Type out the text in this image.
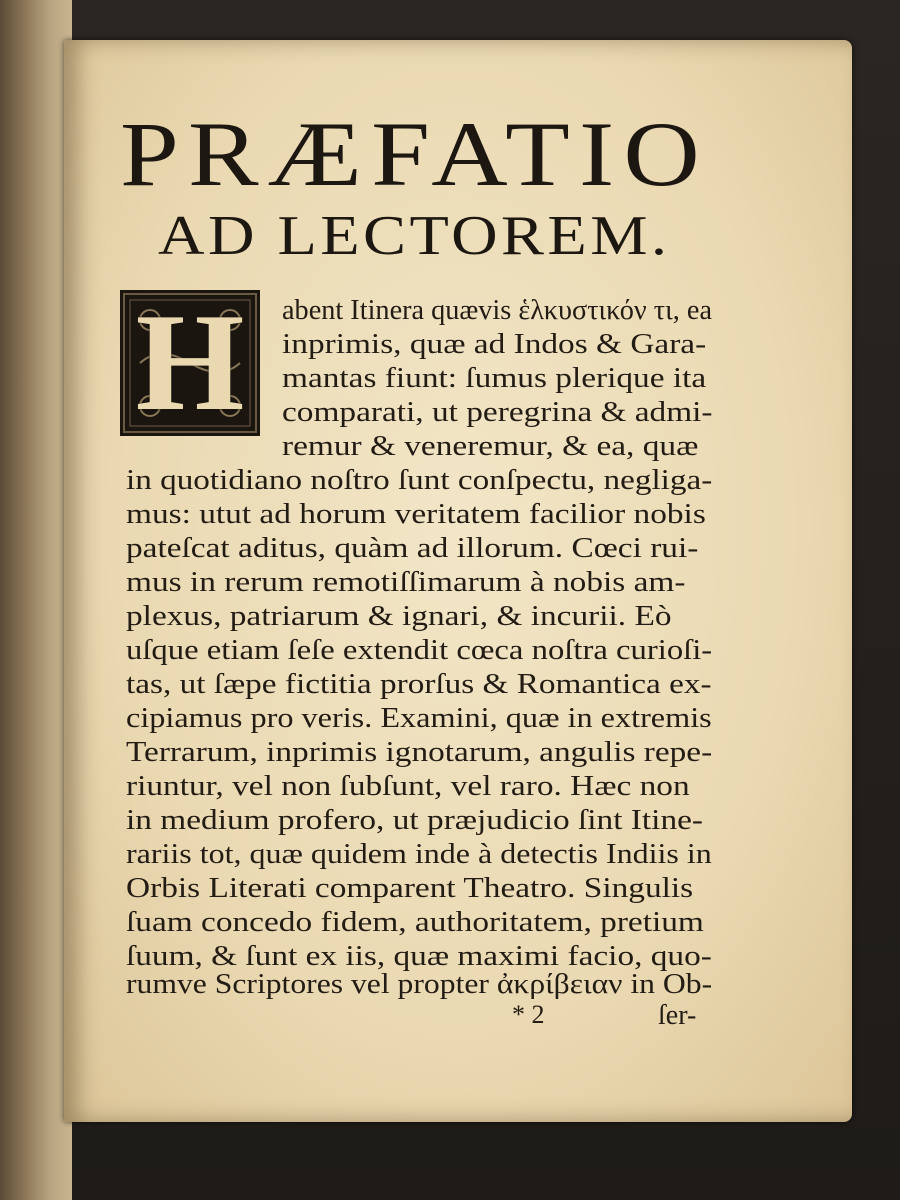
PRÆFATIO
AD LECTOREM.
H abent Itinera quævis ἑλκυστικόν τι, ea
inprimis, quæ ad Indos & Gara-
mantas fiunt: ſumus plerique ita
comparati, ut peregrina & admi-
remur & veneremur, & ea, quæ
in quotidiano noſtro ſunt conſpectu, negliga-
mus: utut ad horum veritatem facilior nobis
pateſcat aditus, quàm ad illorum. Cœci rui-
mus in rerum remotiſſimarum à nobis am-
plexus, patriarum & ignari, & incurii. Eò
uſque etiam ſeſe extendit cœca noſtra curioſi-
tas, ut ſæpe fictitia prorſus & Romantica ex-
cipiamus pro veris. Examini, quæ in extremis
Terrarum, inprimis ignotarum, angulis repe-
riuntur, vel non ſubſunt, vel raro. Hæc non
in medium profero, ut præjudicio ſint Itine-
rariis tot, quæ quidem inde à detectis Indiis in
Orbis Literati comparent Theatro. Singulis
ſuam concedo fidem, authoritatem, pretium
ſuum, & ſunt ex iis, quæ maximi facio, quo-
rumve Scriptores vel propter ἀκρίβειαν in Ob-
* 2	ſer-
